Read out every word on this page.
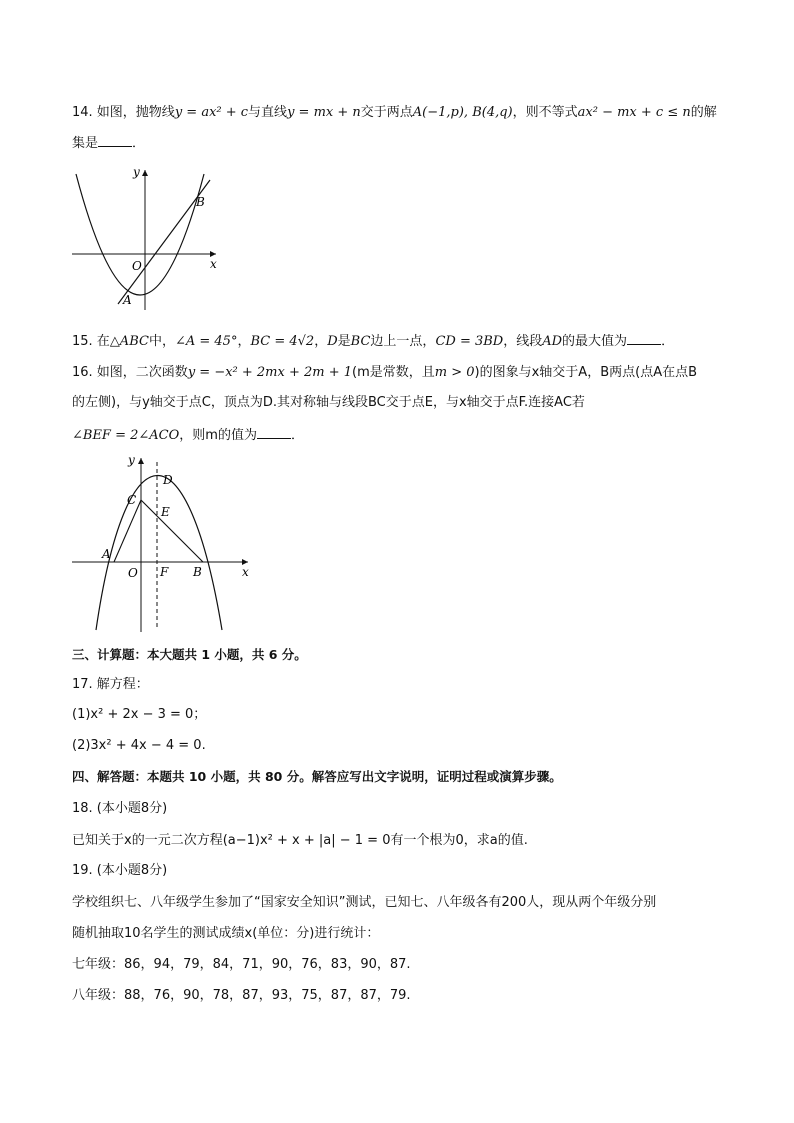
14. 如图，抛物线y = ax² + c与直线y = mx + n交于两点A(−1,p), B(4,q)，则不等式ax² − mx + c ≤ n的解
集是	．
y
x
O
A
B
15. 在△ABC中，∠A = 45°，BC = 4√2，D是BC边上一点，CD = 3BD，线段AD的最大值为	．
16. 如图，二次函数y = −x² + 2mx + 2m + 1(m是常数，且m > 0)的图象与x轴交于A，B两点(点A在点B
的左侧)，与y轴交于点C，顶点为D.其对称轴与线段BC交于点E，与x轴交于点F.连接AC若
∠BEF = 2∠ACO，则m的值为	．
y
x
O
A
B
C
D
E
F
三、计算题：本大题共 1 小题，共 6 分。
17. 解方程：
(1)x² + 2x − 3 = 0；
(2)3x² + 4x − 4 = 0.
四、解答题：本题共 10 小题，共 80 分。解答应写出文字说明，证明过程或演算步骤。
18. (本小题8分)
已知关于x的一元二次方程(a−1)x² + x + |a| − 1 = 0有一个根为0，求a的值.
19. (本小题8分)
学校组织七、八年级学生参加了“国家安全知识”测试，已知七、八年级各有200人，现从两个年级分别
随机抽取10名学生的测试成绩x(单位：分)进行统计：
七年级：86，94，79，84，71，90，76，83，90，87.
八年级：88，76，90，78，87，93，75，87，87，79.
